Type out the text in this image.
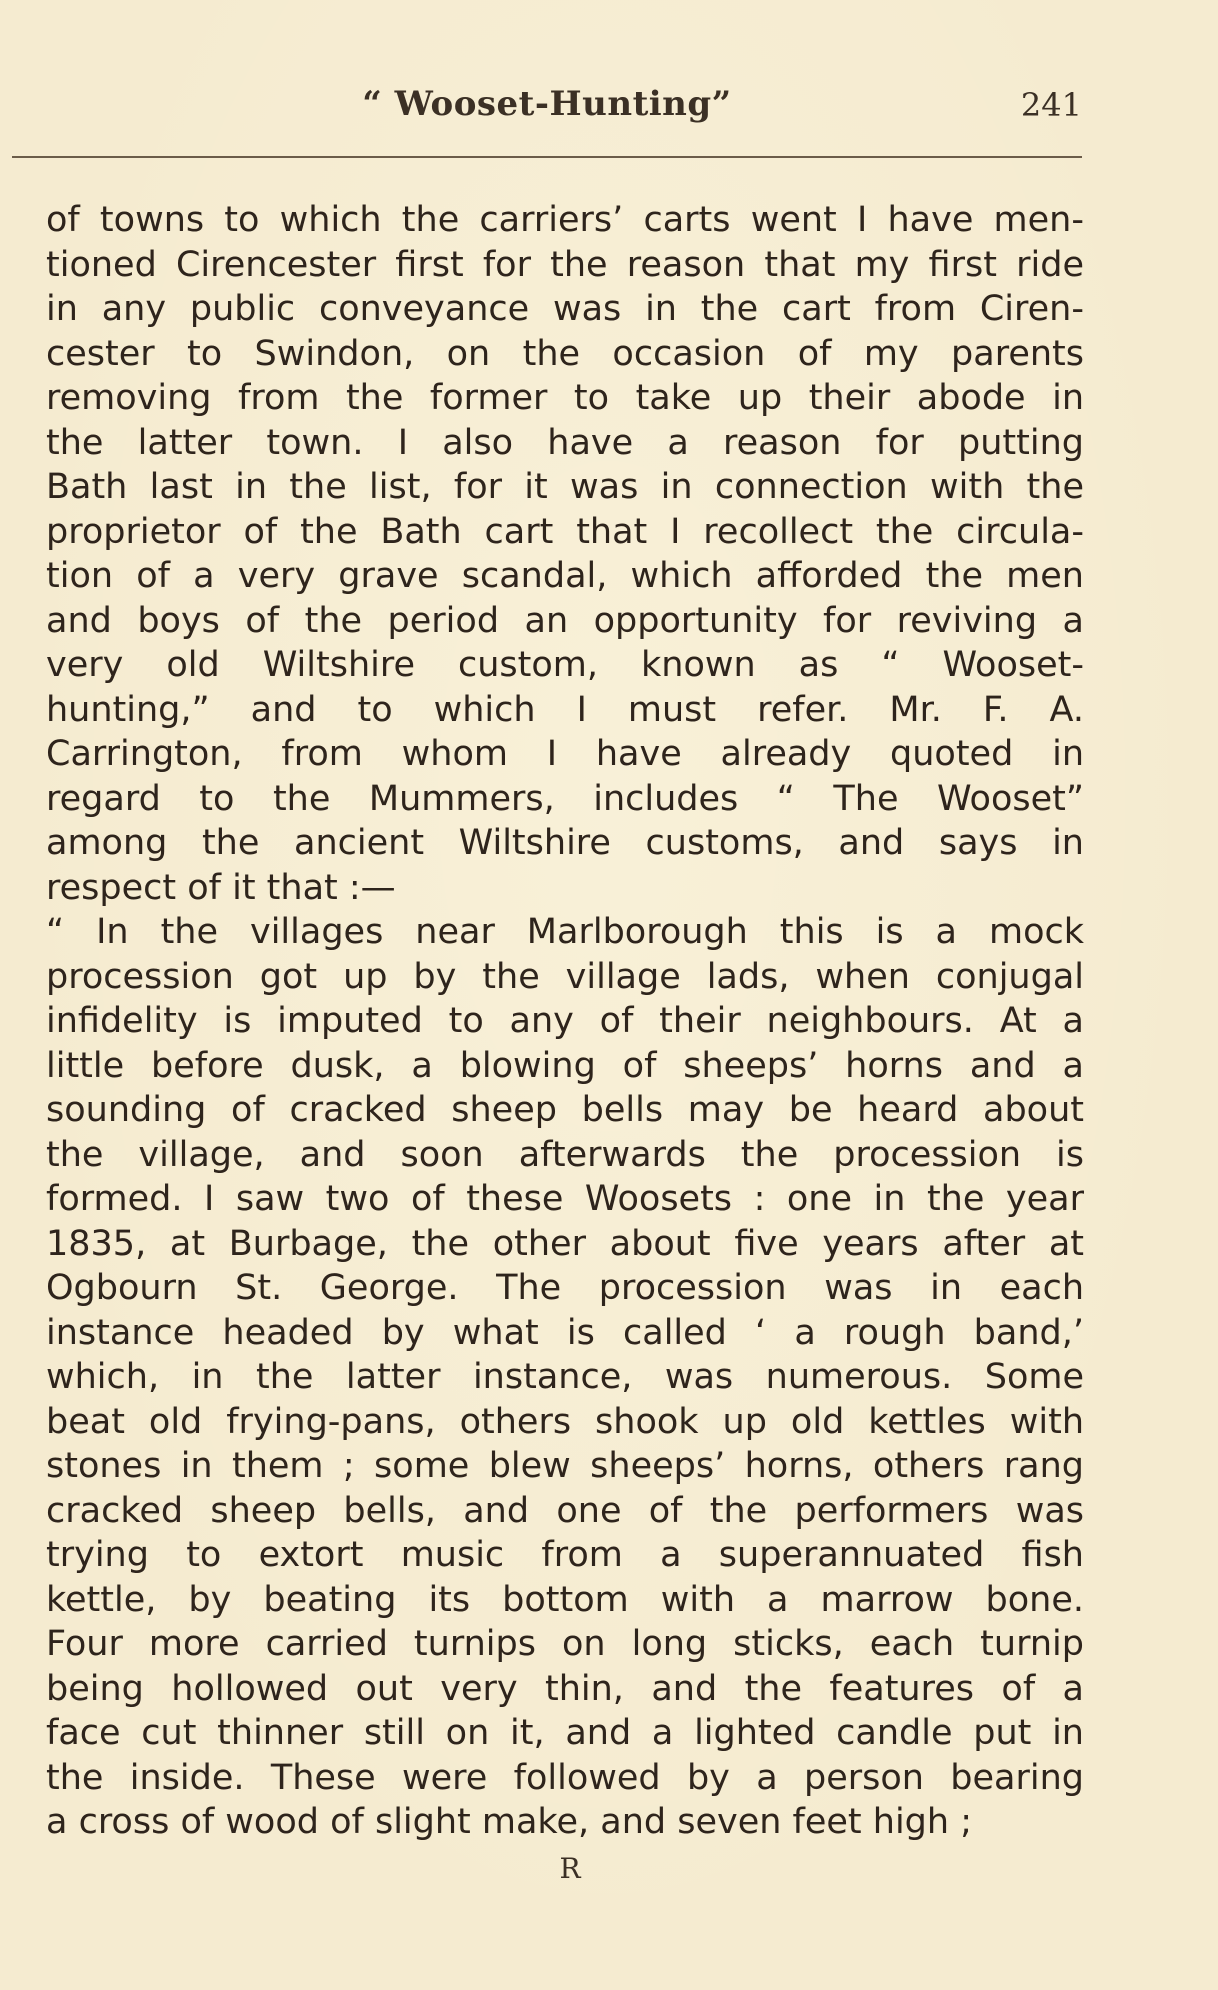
“ Wooset-Hunting”	241
of towns to which the carriers’ carts went I have men-
tioned Cirencester first for the reason that my first ride
in any public conveyance was in the cart from Ciren-
cester to Swindon, on the occasion of my parents
removing from the former to take up their abode in
the latter town. I also have a reason for putting
Bath last in the list, for it was in connection with the
proprietor of the Bath cart that I recollect the circula-
tion of a very grave scandal, which afforded the men
and boys of the period an opportunity for reviving a
very old Wiltshire custom, known as “ Wooset-
hunting,” and to which I must refer. Mr. F. A.
Carrington, from whom I have already quoted in
regard to the Mummers, includes “ The Wooset”
among the ancient Wiltshire customs, and says in
respect of it that :—
“ In the villages near Marlborough this is a mock
procession got up by the village lads, when conjugal
infidelity is imputed to any of their neighbours. At a
little before dusk, a blowing of sheeps’ horns and a
sounding of cracked sheep bells may be heard about
the village, and soon afterwards the procession is
formed. I saw two of these Woosets : one in the year
1835, at Burbage, the other about five years after at
Ogbourn St. George. The procession was in each
instance headed by what is called ‘ a rough band,’
which, in the latter instance, was numerous. Some
beat old frying-pans, others shook up old kettles with
stones in them ; some blew sheeps’ horns, others rang
cracked sheep bells, and one of the performers was
trying to extort music from a superannuated fish
kettle, by beating its bottom with a marrow bone.
Four more carried turnips on long sticks, each turnip
being hollowed out very thin, and the features of a
face cut thinner still on it, and a lighted candle put in
the inside. These were followed by a person bearing
a cross of wood of slight make, and seven feet high ;
R
